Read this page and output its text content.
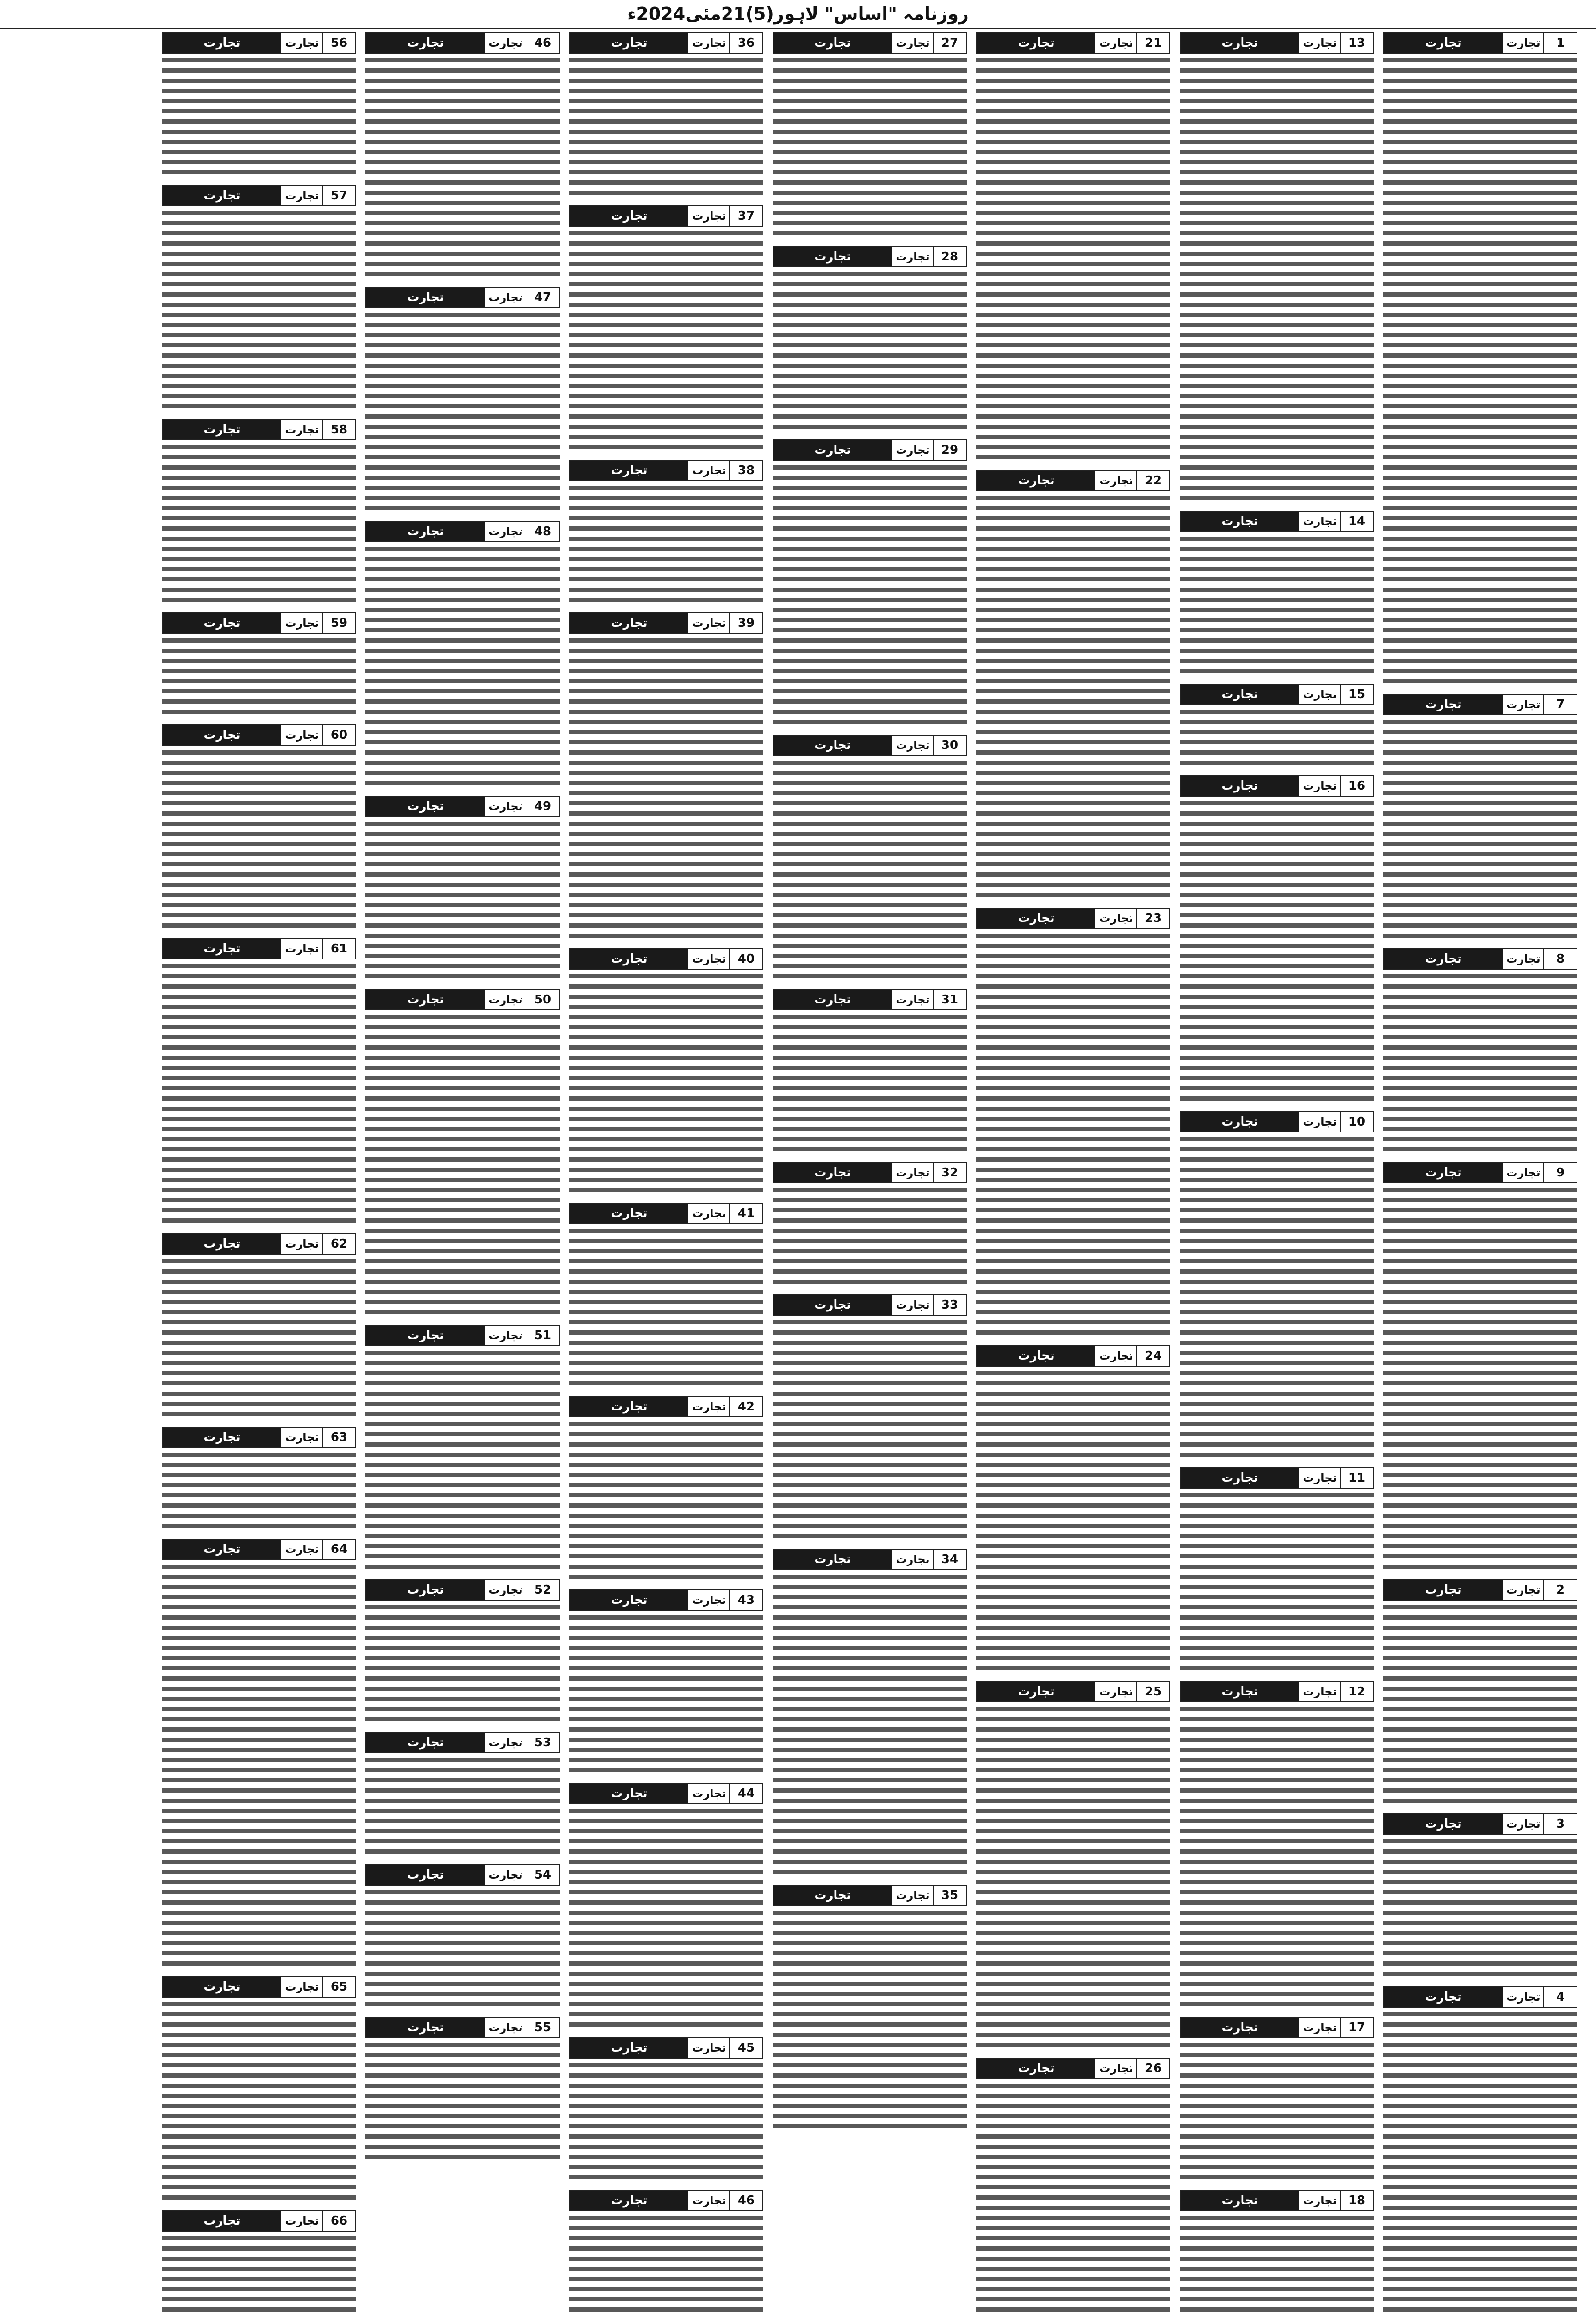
روزنامہ "اساس" لاہور(5)21مئی2024ء
تجارت	تجارت	1
تجارت	تجارت	7
تجارت	تجارت	8
تجارت	تجارت	9
تجارت	تجارت	2
تجارت	تجارت	3
تجارت	تجارت	4
تجارت	تجارت 13
تجارت	تجارت 14
تجارت	تجارت 15
تجارت	تجارت 16
تجارت	تجارت 10
تجارت	تجارت 11
تجارت	تجارت 12
تجارت	تجارت 17
تجارت	تجارت 18
تجارت	تجارت 21
تجارت	تجارت 22
تجارت	تجارت 23
تجارت	تجارت 24
تجارت	تجارت 25
تجارت	تجارت 26
تجارت	تجارت 27
تجارت	تجارت 28
تجارت	تجارت 29
تجارت	تجارت 30
تجارت	تجارت 31
تجارت	تجارت 32
تجارت	تجارت 33
تجارت	تجارت 34
تجارت	تجارت 35
تجارت	تجارت 36
تجارت	تجارت 37
تجارت	تجارت 38
تجارت	تجارت 39
تجارت	تجارت 40
تجارت	تجارت 41
تجارت	تجارت 42
تجارت	تجارت 43
تجارت	تجارت 44
تجارت	تجارت 45
تجارت	تجارت 46
تجارت	تجارت 46
تجارت	تجارت 47
تجارت	تجارت 48
تجارت	تجارت 49
تجارت	تجارت 50
تجارت	تجارت 51
تجارت	تجارت 52
تجارت	تجارت 53
تجارت	تجارت 54
تجارت	تجارت 55
تجارت	تجارت 56
تجارت	تجارت 57
تجارت	تجارت 58
تجارت	تجارت 59
تجارت	تجارت 60
تجارت	تجارت 61
تجارت	تجارت 62
تجارت	تجارت 63
تجارت	تجارت 64
تجارت	تجارت 65
تجارت	تجارت 66
